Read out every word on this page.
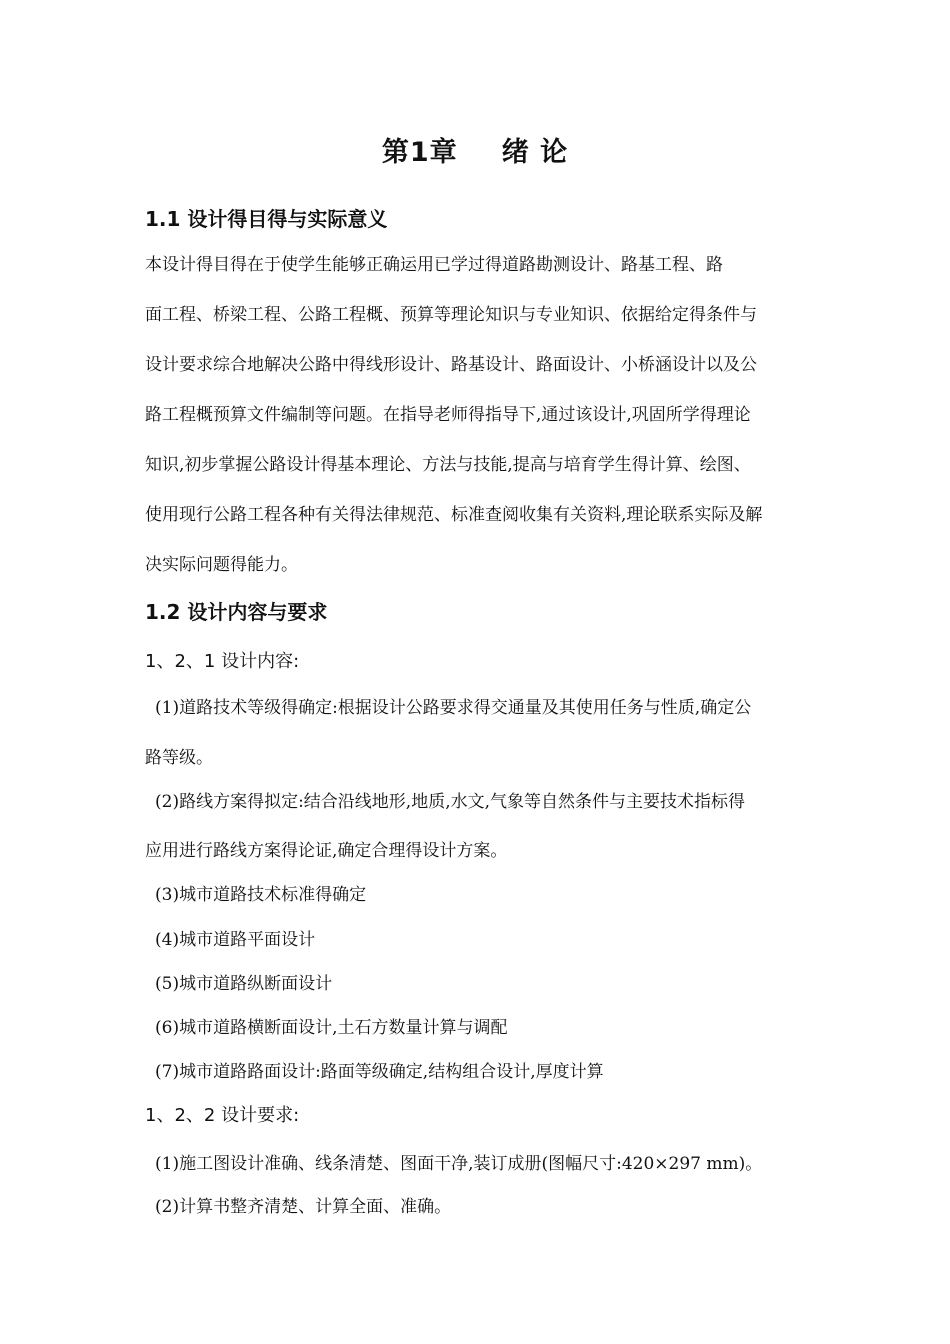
第1章 绪 论
1.1 设计得目得与实际意义

本设计得目得在于使学生能够正确运用已学过得道路勘测设计、路基工程、路
面工程、桥梁工程、公路工程概、预算等理论知识与专业知识、依据给定得条件与
设计要求综合地解决公路中得线形设计、路基设计、路面设计、小桥涵设计以及公
路工程概预算文件编制等问题。在指导老师得指导下,通过该设计,巩固所学得理论
知识,初步掌握公路设计得基本理论、方法与技能,提高与培育学生得计算、绘图、
使用现行公路工程各种有关得法律规范、标准查阅收集有关资料,理论联系实际及解
决实际问题得能力。

1.2 设计内容与要求
1、2、1 设计内容:
(1)道路技术等级得确定:根据设计公路要求得交通量及其使用任务与性质,确定公
路等级。
(2)路线方案得拟定:结合沿线地形,地质,水文,气象等自然条件与主要技术指标得
应用进行路线方案得论证,确定合理得设计方案。
(3)城市道路技术标准得确定
(4)城市道路平面设计
(5)城市道路纵断面设计
(6)城市道路横断面设计,土石方数量计算与调配
(7)城市道路路面设计:路面等级确定,结构组合设计,厚度计算
1、2、2 设计要求:
(1)施工图设计准确、线条清楚、图面干净,装订成册(图幅尺寸:420×297 mm)。
(2)计算书整齐清楚、计算全面、准确。
